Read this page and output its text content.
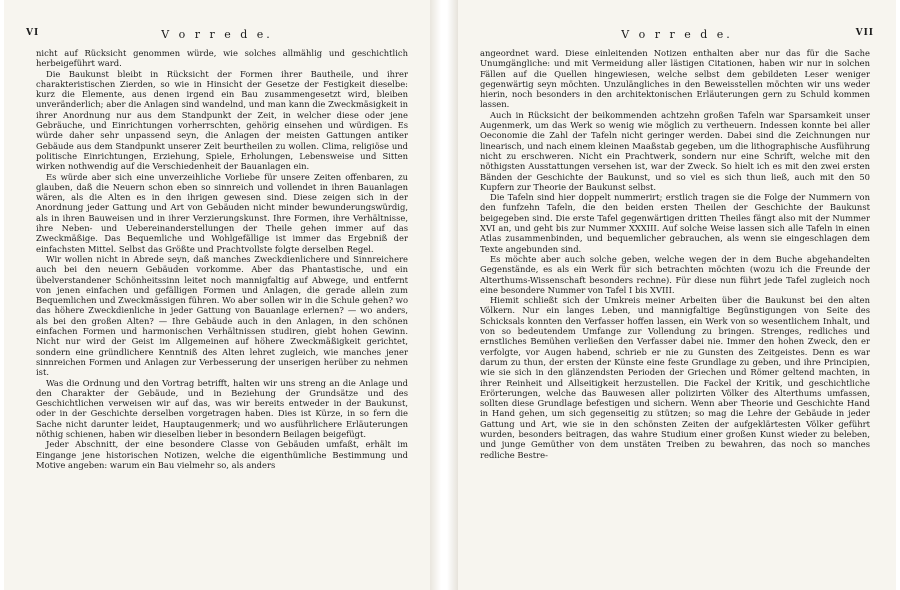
VI	V o r r e d e.

nicht auf Rücksicht genommen würde, wie solches allmählig und geschichtlich herbeigeführt ward.

Die Baukunst bleibt in Rücksicht der Formen ihrer Bautheile, und ihrer charakteristischen Zierden, so wie in Hinsicht der Gesetze der Festigkeit dieselbe: kurz die Elemente, aus denen irgend ein Bau zusammengesetzt wird, bleiben unveränderlich; aber die Anlagen sind wandelnd, und man kann die Zweckmäsigkeit in ihrer Anordnung nur aus dem Standpunkt der Zeit, in welcher diese oder jene Gebräuche, und Einrichtungen vorherrschten, gehörig einsehen und würdigen. Es würde daher sehr unpassend seyn, die Anlagen der meisten Gattungen antiker Gebäude aus dem Standpunkt unserer Zeit beurtheilen zu wollen. Clima, religiöse und politische Einrichtungen, Erziehung, Spiele, Erholungen, Lebensweise und Sitten wirken nothwendig auf die Verschiedenheit der Bauanlagen ein.

Es würde aber sich eine unverzeihliche Vorliebe für unsere Zeiten offenbaren, zu glauben, daß die Neuern schon eben so sinnreich und vollendet in ihren Bauanlagen wären, als die Alten es in den ihrigen gewesen sind. Diese zeigen sich in der Anordnung jeder Gattung und Art von Gebäuden nicht minder bewunderungswürdig, als in ihren Bauweisen und in ihrer Verzierungskunst. Ihre Formen, ihre Verhältnisse, ihre Neben- und Uebereinanderstellungen der Theile gehen immer auf das Zweckmäßige. Das Bequemliche und Wohlgefällige ist immer das Ergebniß der einfachsten Mittel. Selbst das Größte und Prachtvollste folgte derselben Regel.

Wir wollen nicht in Abrede seyn, daß manches Zweckdienlichere und Sinnreichere auch bei den neuern Gebäuden vorkomme. Aber das Phantastische, und ein übelverstandener Schönheitssinn leitet noch mannigfaltig auf Abwege, und entfernt von jenen einfachen und gefälligen Formen und Anlagen, die gerade allein zum Bequemlichen und Zweckmässigen führen. Wo aber sollen wir in die Schule gehen? wo das höhere Zweckdienliche in jeder Gattung von Bauanlage erlernen? — wo anders, als bei den großen Alten? — Ihre Gebäude auch in den Anlagen, in den schönen einfachen Formen und harmonischen Verhältnissen studiren, giebt hohen Gewinn. Nicht nur wird der Geist im Allgemeinen auf höhere Zweckmäßigkeit gerichtet, sondern eine gründlichere Kenntniß des Alten lehret zugleich, wie manches jener sinnreichen Formen und Anlagen zur Verbesserung der unserigen herüber zu nehmen ist.

Was die Ordnung und den Vortrag betrifft, halten wir uns streng an die Anlage und den Charakter der Gebäude, und in Beziehung der Grundsätze und des Geschichtlichen verweisen wir auf das, was wir bereits entweder in der Baukunst, oder in der Geschichte derselben vorgetragen haben. Dies ist Kürze, in so fern die Sache nicht darunter leidet, Hauptaugenmerk; und wo ausführlichere Erläuterungen nöthig schienen, haben wir dieselben lieber in besondern Beilagen beigefügt.

Jeder Abschnitt, der eine besondere Classe von Gebäuden umfaßt, erhält im Eingange jene historischen Notizen, welche die eigenthümliche Bestimmung und Motive angeben: warum ein Bau vielmehr so, als anders

V o r r e d e.	VII

angeordnet ward. Diese einleitenden Notizen enthalten aber nur das für die Sache Unumgängliche: und mit Vermeidung aller lästigen Citationen, haben wir nur in solchen Fällen auf die Quellen hingewiesen, welche selbst dem gebildeten Leser weniger gegenwärtig seyn möchten. Unzulängliches in den Beweisstellen möchten wir uns weder hierin, noch besonders in den architektonischen Erläuterungen gern zu Schuld kommen lassen.

Auch in Rücksicht der beikommenden achtzehn großen Tafeln war Sparsamkeit unser Augenmerk, um das Werk so wenig wie möglich zu vertheuern. Indessen konnte bei aller Oeconomie die Zahl der Tafeln nicht geringer werden. Dabei sind die Zeichnungen nur linearisch, und nach einem kleinen Maaßstab gegeben, um die lithographische Ausführung nicht zu erschweren. Nicht ein Prachtwerk, sondern nur eine Schrift, welche mit den nöthigsten Ausstattungen versehen ist, war der Zweck. So hielt ich es mit den zwei ersten Bänden der Geschichte der Baukunst, und so viel es sich thun ließ, auch mit den 50 Kupfern zur Theorie der Baukunst selbst.

Die Tafeln sind hier doppelt nummerirt; erstlich tragen sie die Folge der Nummern von den funfzehn Tafeln, die den beiden ersten Theilen der Geschichte der Baukunst beigegeben sind. Die erste Tafel gegenwärtigen dritten Theiles fängt also mit der Nummer XVI an, und geht bis zur Nummer XXXIII. Auf solche Weise lassen sich alle Tafeln in einen Atlas zusammenbinden, und bequemlicher gebrauchen, als wenn sie eingeschlagen dem Texte angebunden sind.

Es möchte aber auch solche geben, welche wegen der in dem Buche abgehandelten Gegenstände, es als ein Werk für sich betrachten möchten (wozu ich die Freunde der Alterthums-Wissenschaft besonders rechne). Für diese nun führt jede Tafel zugleich noch eine besondere Nummer von Tafel I bis XVIII.

Hiemit schließt sich der Umkreis meiner Arbeiten über die Baukunst bei den alten Völkern. Nur ein langes Leben, und mannigfaltige Begünstigungen von Seite des Schicksals konnten den Verfasser hoffen lassen, ein Werk von so wesentlichem Inhalt, und von so bedeutendem Umfange zur Vollendung zu bringen. Strenges, redliches und ernstliches Bemühen verließen den Verfasser dabei nie. Immer den hohen Zweck, den er verfolgte, vor Augen habend, schrieb er nie zu Gunsten des Zeitgeistes. Denn es war darum zu thun, der ersten der Künste eine feste Grundlage zu geben, und ihre Principien, wie sie sich in den glänzendsten Perioden der Griechen und Römer geltend machten, in ihrer Reinheit und Allseitigkeit herzustellen. Die Fackel der Kritik, und geschichtliche Erörterungen, welche das Bauwesen aller polizirten Völker des Alterthums umfassen, sollten diese Grundlage befestigen und sichern. Wenn aber Theorie und Geschichte Hand in Hand gehen, um sich gegenseitig zu stützen; so mag die Lehre der Gebäude in jeder Gattung und Art, wie sie in den schönsten Zeiten der aufgeklärtesten Völker geführt wurden, besonders beitragen, das wahre Studium einer großen Kunst wieder zu beleben, und junge Gemüther von dem unstäten Treiben zu bewahren, das noch so manches redliche Bestre-
